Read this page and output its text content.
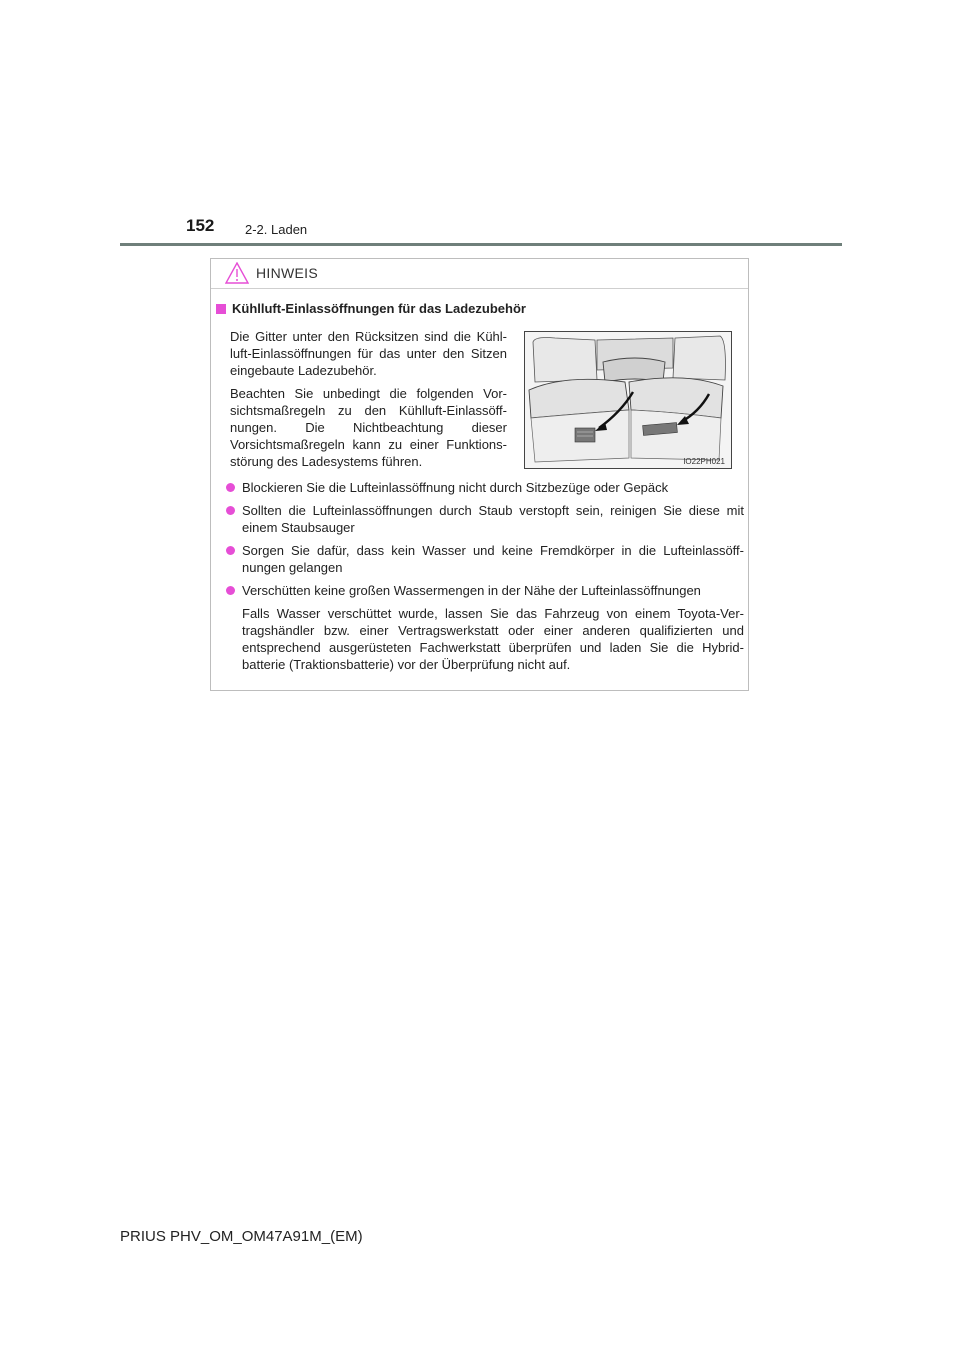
152 2-2. Laden
HINWEIS
Kühlluft-Einlassöffnungen für das Ladezubehör
Die Gitter unter den Rücksitzen sind die Kühl-luft-Einlassöffnungen für das unter den Sitzen eingebaute Ladezubehör.
Beachten Sie unbedingt die folgenden Vor-sichtsmaßregeln zu den Kühlluft-Einlassöff-nungen. Die Nichtbeachtung dieser Vorsichtsmaßregeln kann zu einer Funktions-störung des Ladesystems führen.	IO22PH021
Blockieren Sie die Lufteinlassöffnung nicht durch Sitzbezüge oder Gepäck
Sollten die Lufteinlassöffnungen durch Staub verstopft sein, reinigen Sie diese mit einem Staubsauger
Sorgen Sie dafür, dass kein Wasser und keine Fremdkörper in die Lufteinlassöff-nungen gelangen
Verschütten keine großen Wassermengen in der Nähe der Lufteinlassöffnungen
Falls Wasser verschüttet wurde, lassen Sie das Fahrzeug von einem Toyota-Ver-tragshändler bzw. einer Vertragswerkstatt oder einer anderen qualifizierten und entsprechend ausgerüsteten Fachwerkstatt überprüfen und laden Sie die Hybrid-batterie (Traktionsbatterie) vor der Überprüfung nicht auf.
PRIUS PHV_OM_OM47A91M_(EM)
